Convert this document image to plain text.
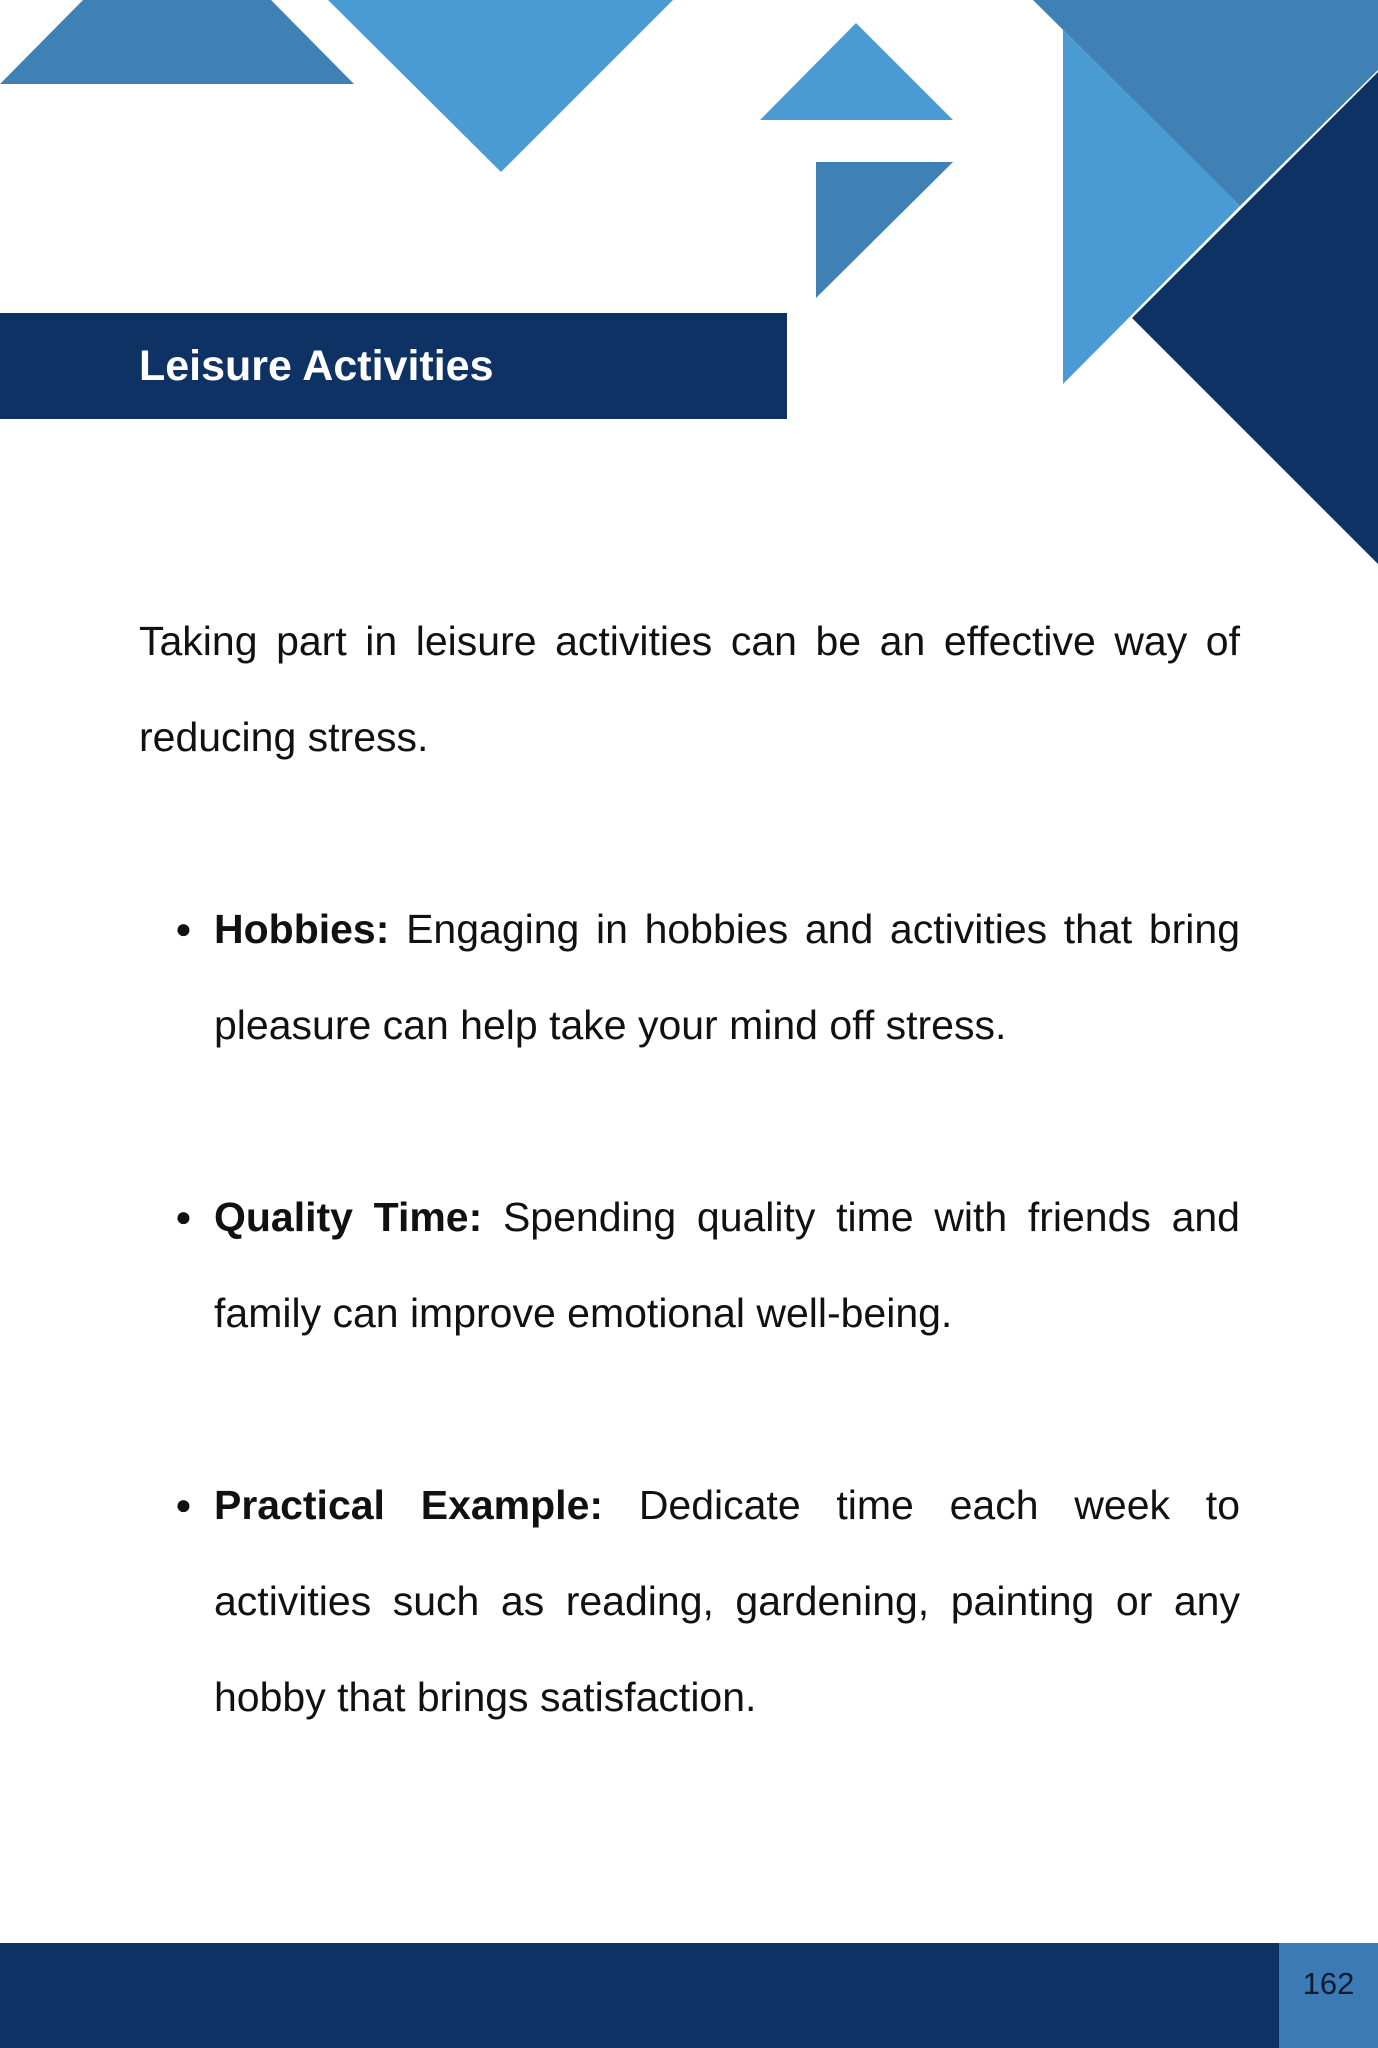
Leisure Activities

Taking part in leisure activities can be an effective way of reducing stress.

● Hobbies: Engaging in hobbies and activities that bring pleasure can help take your mind off stress.
● Quality Time: Spending quality time with friends and family can improve emotional well-being.
● Practical Example: Dedicate time each week to activities such as reading, gardening, painting or any hobby that brings satisfaction.
162
